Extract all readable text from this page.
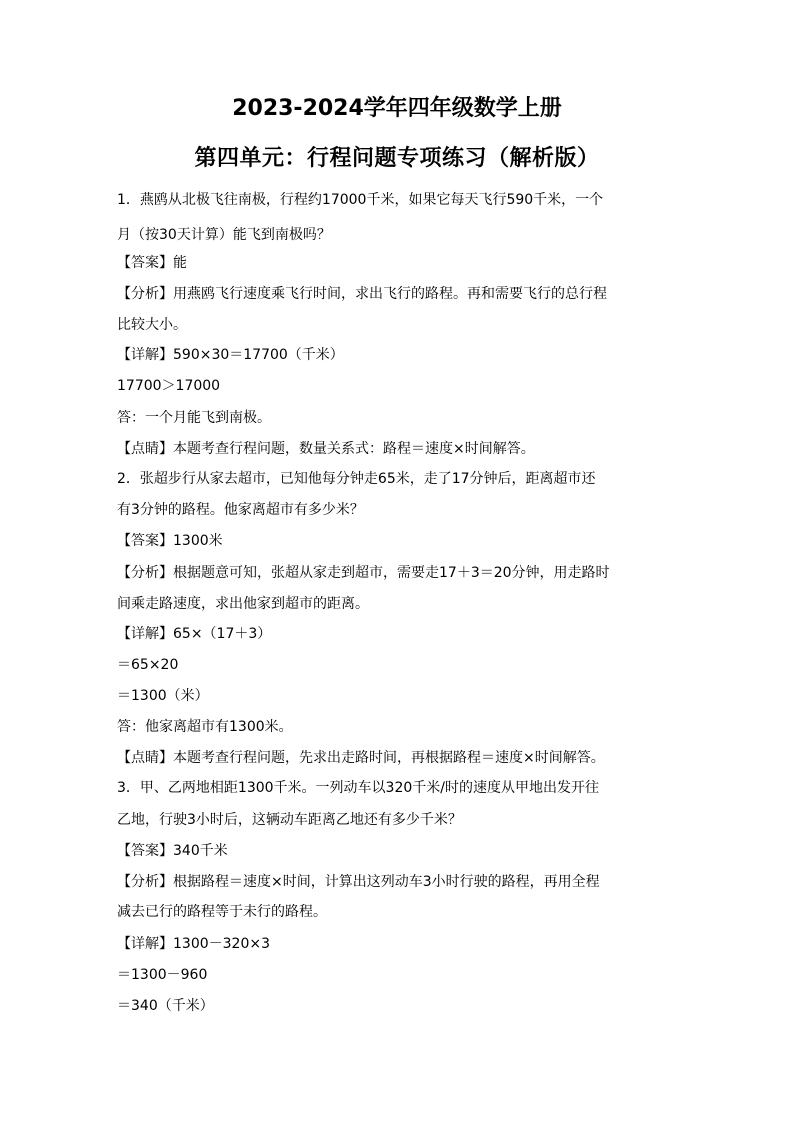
2023-2024学年四年级数学上册
第四单元：行程问题专项练习（解析版）
1．燕鸥从北极飞往南极，行程约17000千米，如果它每天飞行590千米，一个
月（按30天计算）能飞到南极吗？
【答案】能
【分析】用燕鸥飞行速度乘飞行时间，求出飞行的路程。再和需要飞行的总行程
比较大小。
【详解】590×30＝17700（千米）
17700＞17000
答：一个月能飞到南极。
【点睛】本题考查行程问题，数量关系式：路程＝速度×时间解答。
2．张超步行从家去超市，已知他每分钟走65米，走了17分钟后，距离超市还
有3分钟的路程。他家离超市有多少米？
【答案】1300米
【分析】根据题意可知，张超从家走到超市，需要走17＋3＝20分钟，用走路时
间乘走路速度，求出他家到超市的距离。
【详解】65×（17＋3）
＝65×20
＝1300（米）
答：他家离超市有1300米。
【点睛】本题考查行程问题，先求出走路时间，再根据路程＝速度×时间解答。
3．甲、乙两地相距1300千米。一列动车以320千米/时的速度从甲地出发开往
乙地，行驶3小时后，这辆动车距离乙地还有多少千米？
【答案】340千米
【分析】根据路程＝速度×时间，计算出这列动车3小时行驶的路程，再用全程
减去已行的路程等于未行的路程。
【详解】1300－320×3
＝1300－960
＝340（千米）
